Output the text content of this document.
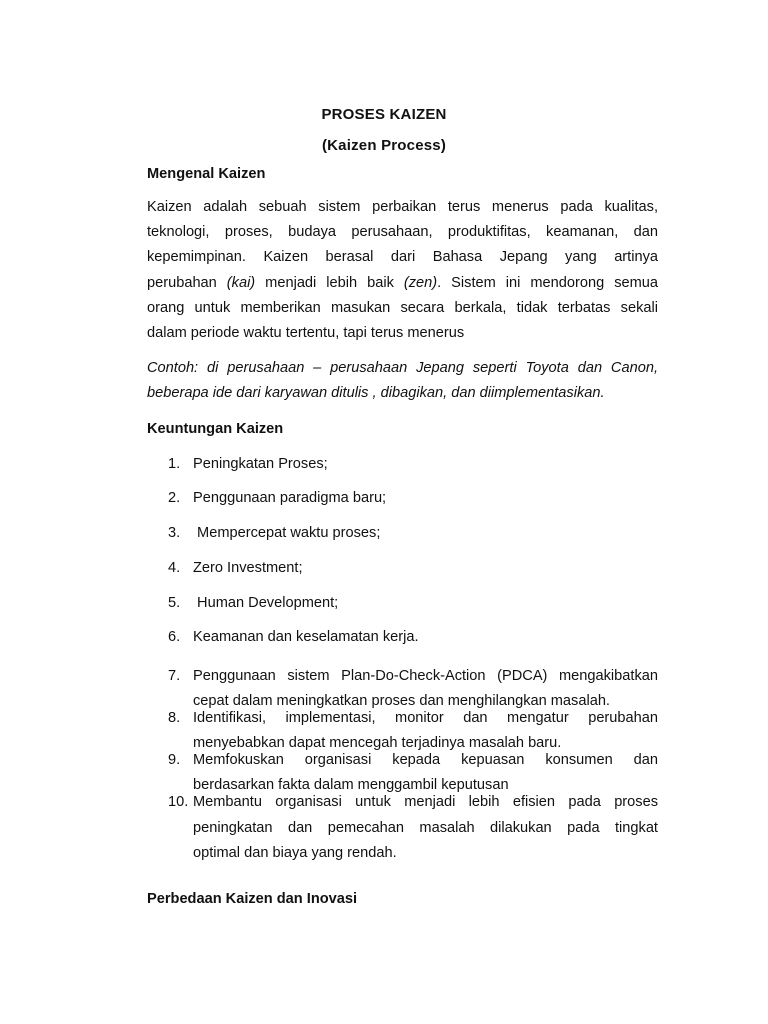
PROSES KAIZEN
(Kaizen Process)
Mengenal Kaizen
Kaizen adalah sebuah sistem perbaikan terus menerus pada kualitas,
teknologi, proses, budaya perusahaan, produktifitas, keamanan, dan
kepemimpinan. Kaizen berasal dari Bahasa Jepang yang artinya
perubahan (kai) menjadi lebih baik (zen). Sistem ini mendorong semua
orang untuk memberikan masukan secara berkala, tidak terbatas sekali
dalam periode waktu tertentu, tapi terus menerus
Contoh: di perusahaan – perusahaan Jepang seperti Toyota dan Canon,
beberapa ide dari karyawan ditulis , dibagikan, dan diimplementasikan.
Keuntungan Kaizen
1. Peningkatan Proses;
2. Penggunaan paradigma baru;
3. Mempercepat waktu proses;
4. Zero Investment;
5. Human Development;
6. Keamanan dan keselamatan kerja.
7. Penggunaan sistem Plan-Do-Check-Action (PDCA) mengakibatkan
cepat dalam meningkatkan proses dan menghilangkan masalah.
8. Identifikasi, implementasi, monitor dan mengatur perubahan
menyebabkan dapat mencegah terjadinya masalah baru.
9. Memfokuskan organisasi kepada kepuasan konsumen dan
berdasarkan fakta dalam menggambil keputusan
10. Membantu organisasi untuk menjadi lebih efisien pada proses
peningkatan dan pemecahan masalah dilakukan pada tingkat
optimal dan biaya yang rendah.
Perbedaan Kaizen dan Inovasi
